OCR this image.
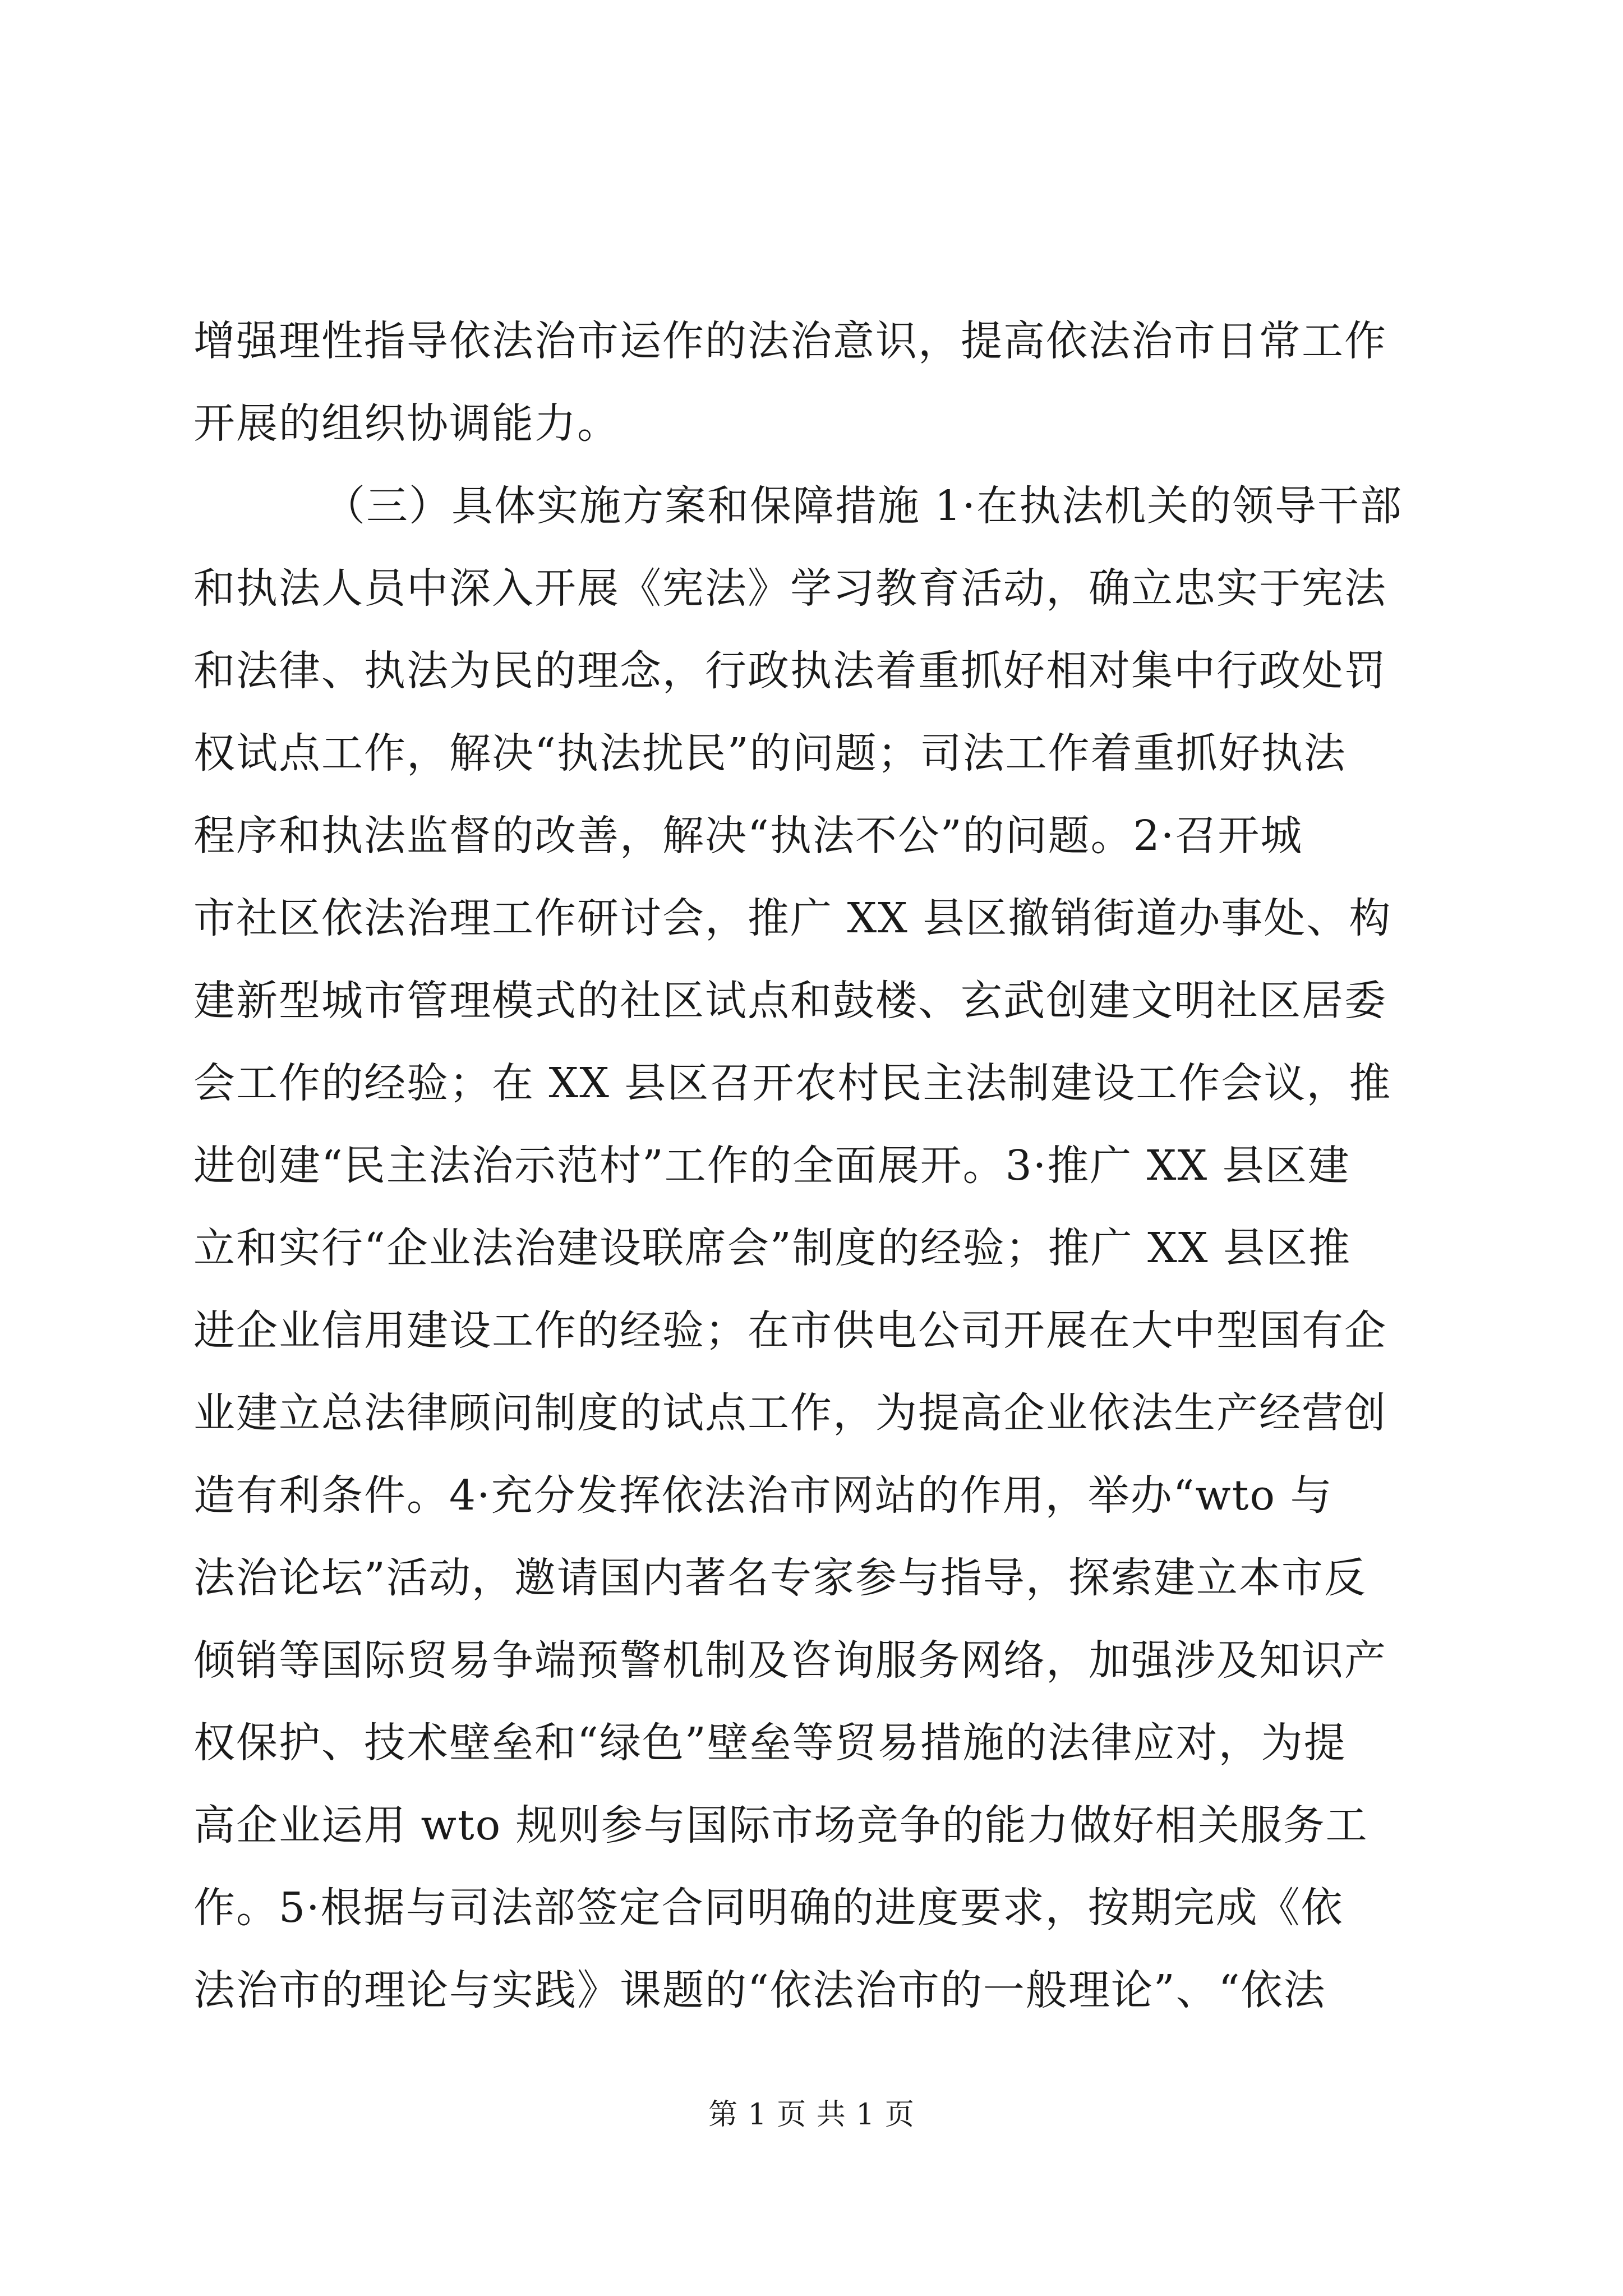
增强理性指导依法治市运作的法治意识，提高依法治市日常工作
开展的组织协调能力。
（三）具体实施方案和保障措施 1·在执法机关的领导干部
和执法人员中深入开展《宪法》学习教育活动，确立忠实于宪法
和法律、执法为民的理念，行政执法着重抓好相对集中行政处罚
权试点工作，解决“执法扰民”的问题；司法工作着重抓好执法
程序和执法监督的改善，解决“执法不公”的问题。2·召开城
市社区依法治理工作研讨会，推广 XX 县区撤销街道办事处、构
建新型城市管理模式的社区试点和鼓楼、玄武创建文明社区居委
会工作的经验；在 XX 县区召开农村民主法制建设工作会议，推
进创建“民主法治示范村”工作的全面展开。3·推广 XX 县区建
立和实行“企业法治建设联席会”制度的经验；推广 XX 县区推
进企业信用建设工作的经验；在市供电公司开展在大中型国有企
业建立总法律顾问制度的试点工作，为提高企业依法生产经营创
造有利条件。4·充分发挥依法治市网站的作用，举办“wto 与
法治论坛”活动，邀请国内著名专家参与指导，探索建立本市反
倾销等国际贸易争端预警机制及咨询服务网络，加强涉及知识产
权保护、技术壁垒和“绿色”壁垒等贸易措施的法律应对，为提
高企业运用 wto 规则参与国际市场竞争的能力做好相关服务工
作。5·根据与司法部签定合同明确的进度要求，按期完成《依
法治市的理论与实践》课题的“依法治市的一般理论”、“依法
第 1 页 共 1 页
